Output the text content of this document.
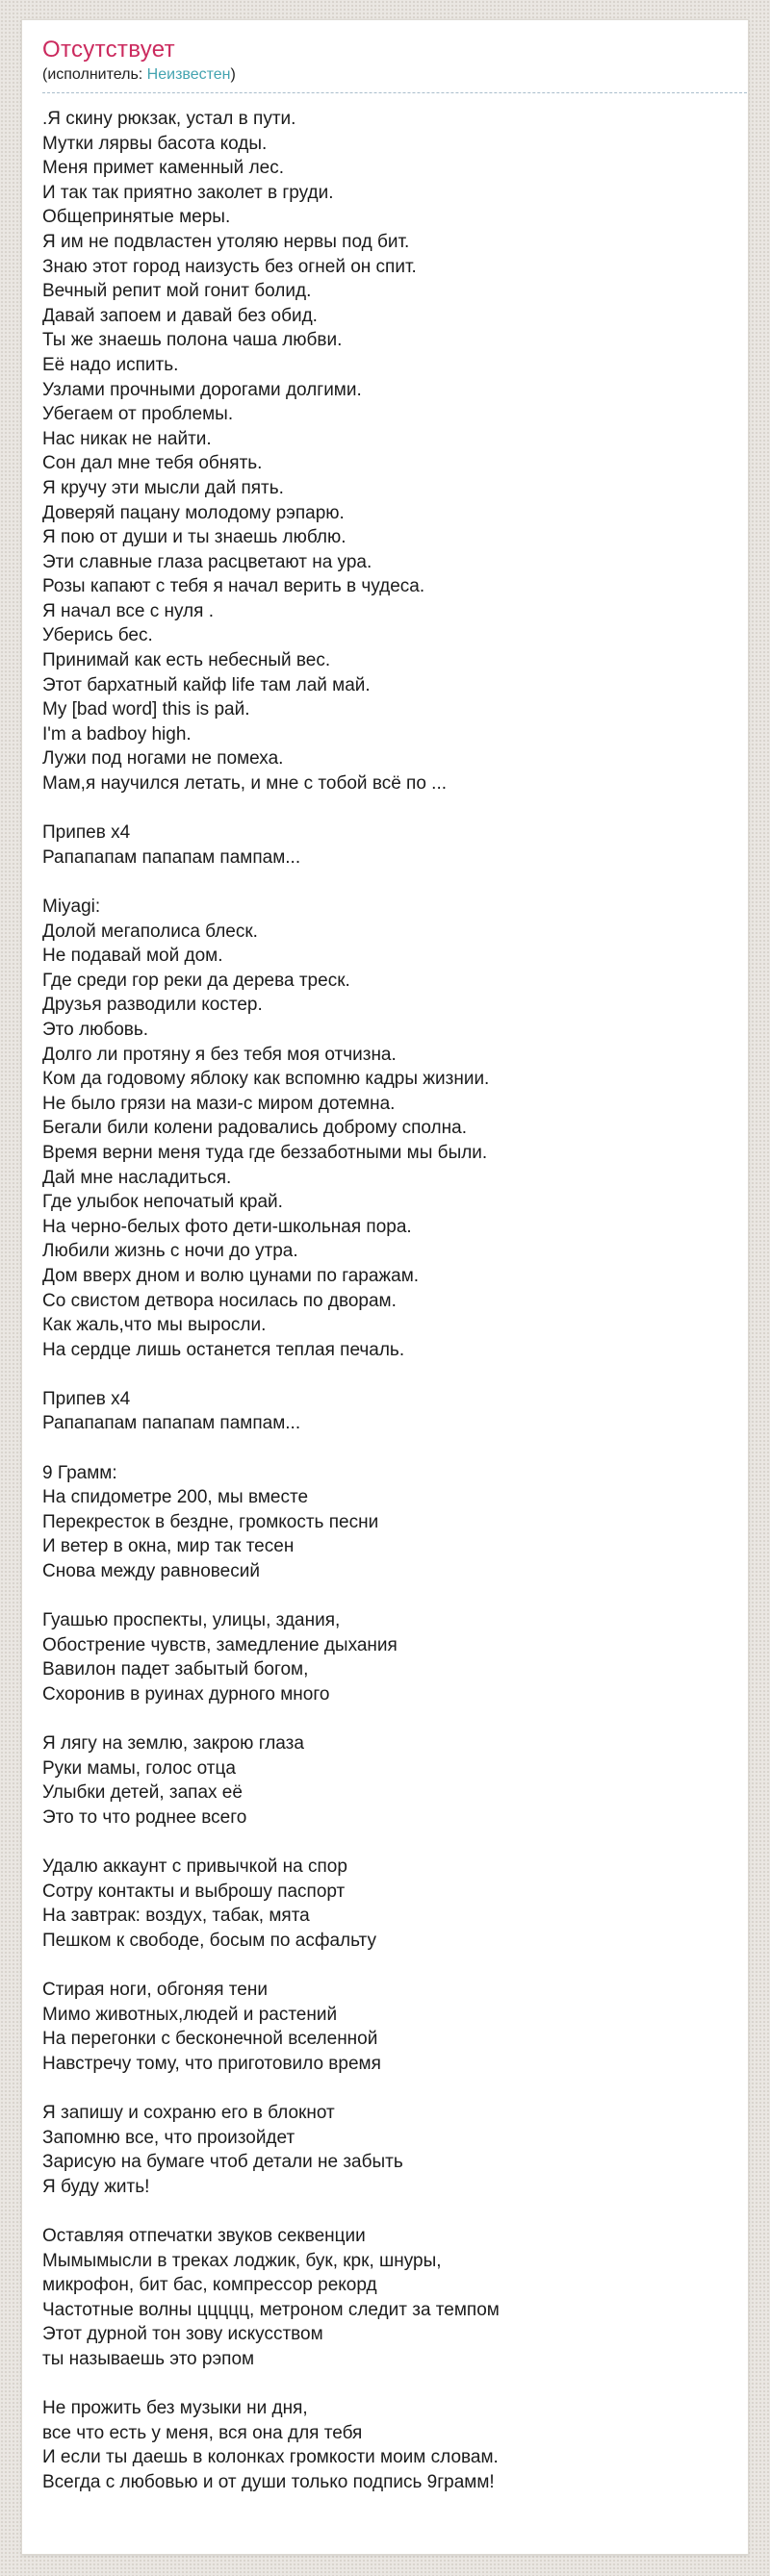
Отсутствует
(исполнитель: Неизвестен)
.Я скину рюкзак, устал в пути.
Мутки лярвы басота коды.
Меня примет каменный лес.
И так так приятно заколет в груди.
Общепринятые меры.
Я им не подвластен утоляю нервы под бит.
Знаю этот город наизусть без огней он спит.
Вечный репит мой гонит болид.
Давай запоем и давай без обид.
Ты же знаешь полона чаша любви.
Её надо испить.
Узлами прочными дорогами долгими.
Убегаем от проблемы.
Нас никак не найти.
Сон дал мне тебя обнять.
Я кручу эти мысли дай пять.
Доверяй пацану молодому рэпарю.
Я пою от души и ты знаешь люблю.
Эти славные глаза расцветают на ура.
Розы капают с тебя я начал верить в чудеса.
Я начал все с нуля .
Уберись бес.
Принимай как есть небесный вес.
Этот бархатный кайф life там лай май.
My [bad word] this is рай.
I'm a badboy high.
Лужи под ногами не помеха.
Мам,я научился летать, и мне с тобой всё по ...

Припев х4
Рапапапам папапам пампам...

Miyagi:
Долой мегаполиса блеск.
Не подавай мой дом.
Где среди гор реки да дерева треск.
Друзья разводили костер.
Это любовь.
Долго ли протяну я без тебя моя отчизна.
Ком да годовому яблоку как вспомню кадры жизнии.
Не было грязи на мази-с миром дотемна.
Бегали били колени радовались доброму сполна.
Время верни меня туда где беззаботными мы были.
Дай мне насладиться.
Где улыбок непочатый край.
На черно-белых фото дети-школьная пора.
Любили жизнь с ночи до утра.
Дом вверх дном и волю цунами по гаражам.
Со свистом детвора носилась по дворам.
Как жаль,что мы выросли.
На сердце лишь останется теплая печаль.

Припев х4
Рапапапам папапам пампам...

9 Грамм:
На спидометре 200, мы вместе
Перекресток в бездне, громкость песни
И ветер в окна, мир так тесен
Снова между равновесий

Гуашью проспекты, улицы, здания,
Обострение чувств, замедление дыхания
Вавилон падет забытый богом,
Схоронив в руинах дурного много

Я лягу на землю, закрою глаза
Руки мамы, голос отца
Улыбки детей, запах её
Это то что роднее всего

Удалю аккаунт с привычкой на спор
Сотру контакты и выброшу паспорт
На завтрак: воздух, табак, мята
Пешком к свободе, босым по асфальту

Стирая ноги, обгоняя тени
Мимо животных,людей и растений
На перегонки с бесконечной вселенной
Навстречу тому, что приготовило время

Я запишу и сохраню его в блокнот
Запомню все, что произойдет
Зарисую на бумаге чтоб детали не забыть
Я буду жить!

Оставляя отпечатки звуков секвенции
Мымымысли в треках лоджик, бук, крк, шнуры,
микрофон, бит бас, компрессор рекорд
Частотные волны ццццц, метроном следит за темпом
Этот дурной тон зову искусством
ты называешь это рэпом

Не прожить без музыки ни дня,
все что есть у меня, вся она для тебя
И если ты даешь в колонках громкости моим словам.
Всегда с любовью и от души только подпись 9грамм!
